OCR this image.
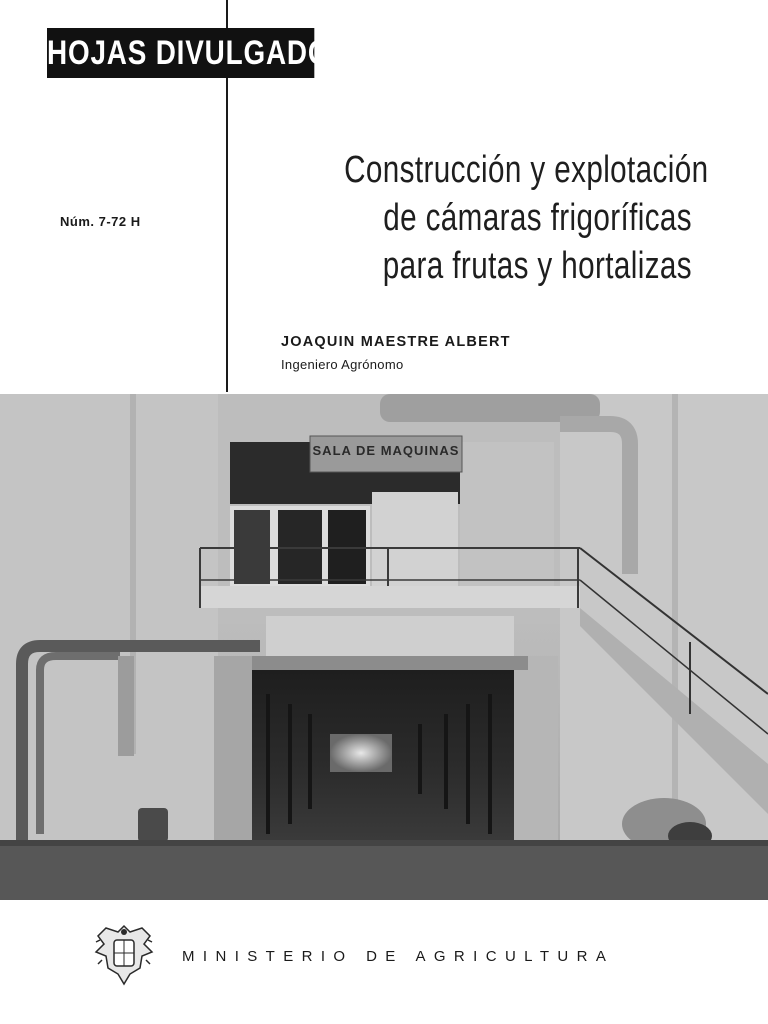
HOJAS DIVULGADORAS
Núm. 7-72 H
Construcción y explotación
de cámaras frigoríficas
para frutas y hortalizas
JOAQUIN MAESTRE ALBERT
Ingeniero Agrónomo
SALA DE MAQUINAS
MINISTERIO DE AGRICULTURA
